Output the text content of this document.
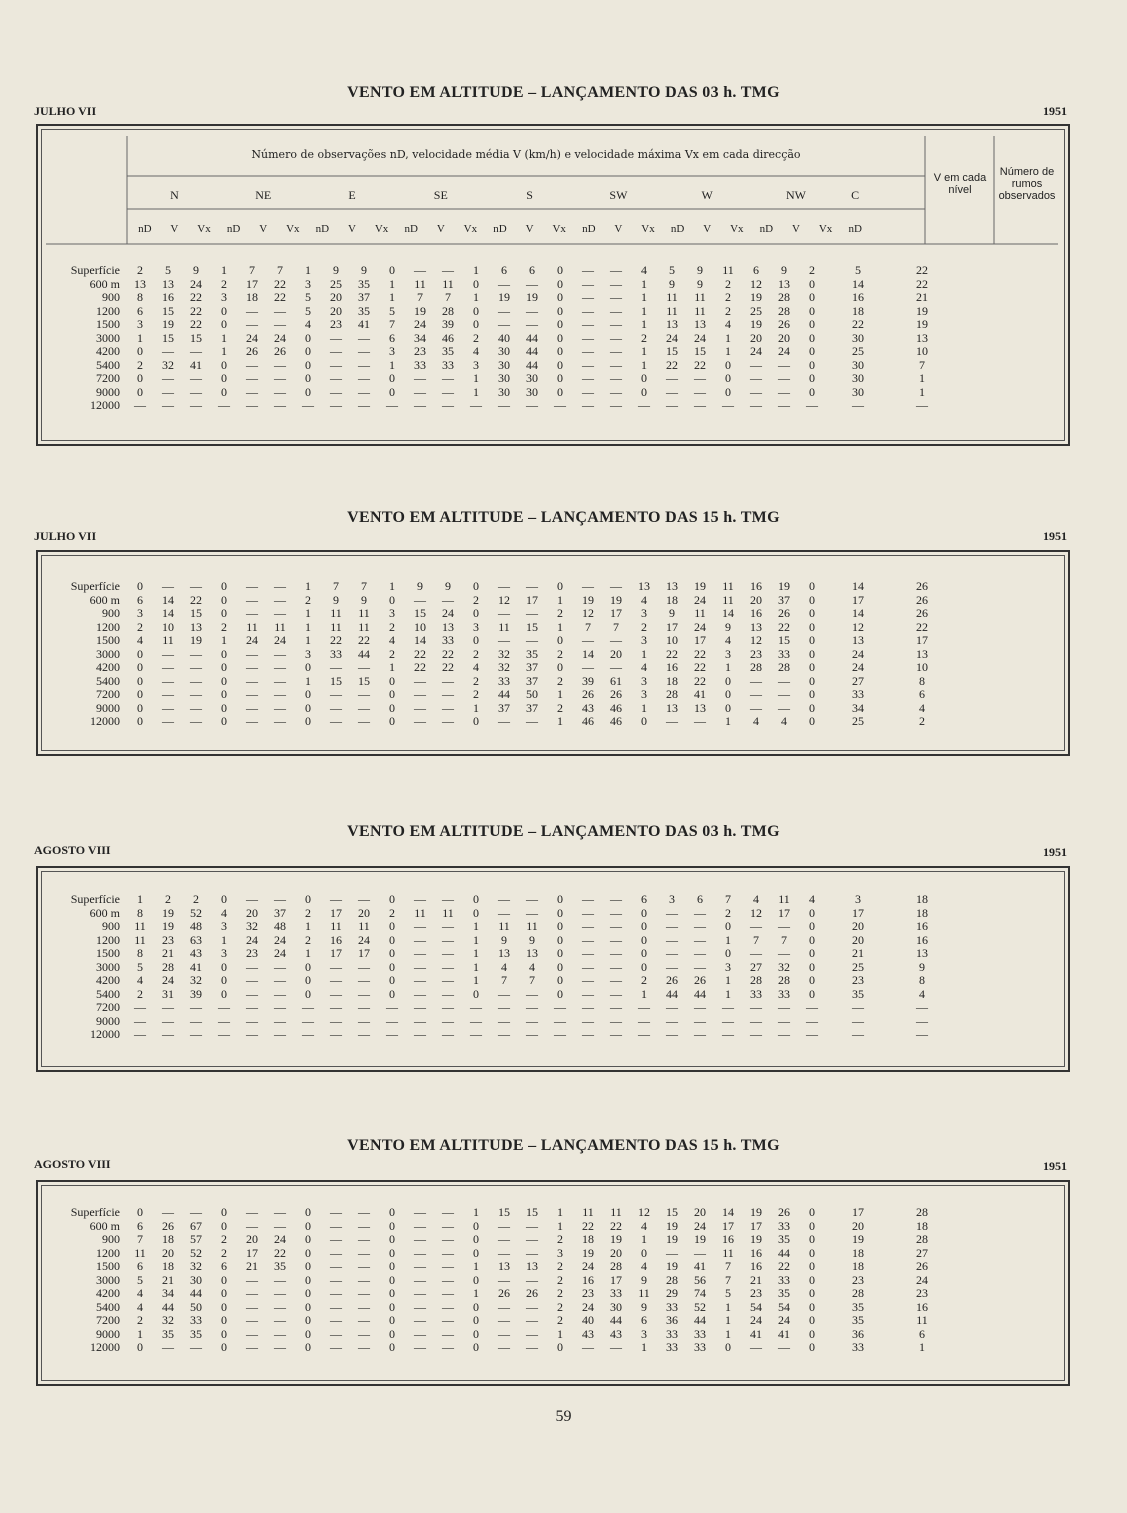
VENTO EM ALTITUDE – LANÇAMENTO DAS 03 h. TMG
JULHO VII	1951
VENTO EM ALTITUDE – LANÇAMENTO DAS 15 h. TMG
JULHO VII	1951
VENTO EM ALTITUDE – LANÇAMENTO DAS 03 h. TMG
AGOSTO VIII	1951
VENTO EM ALTITUDE – LANÇAMENTO DAS 15 h. TMG
AGOSTO VIII	1951
Número de observações nD, velocidade média V (km/h) e velocidade máxima Vx em cada direcção
N	NE	E	SE	S	SW	W	NW	C
nD	V	Vx	nD	V	Vx	nD	V	Vx	nD	V	Vx	nD	V	Vx	nD	V	Vx	nD	V	Vx	nD	V	Vx	nD
V em cada nível
Número de rumos observados
Superfície	2	5	9	1	7	7	1	9	9	0	—	—	1	6	6	0	—	—	4	5	9	11	6	9	2	5	22
600 m	13	13	24	2	17	22	3	25	35	1	11	11	0	—	—	0	—	—	1	9	9	2	12	13	0	14	22
900	8	16	22	3	18	22	5	20	37	1	7	7	1	19	19	0	—	—	1	11	11	2	19	28	0	16	21
1200	6	15	22	0	—	—	5	20	35	5	19	28	0	—	—	0	—	—	1	11	11	2	25	28	0	18	19
1500	3	19	22	0	—	—	4	23	41	7	24	39	0	—	—	0	—	—	1	13	13	4	19	26	0	22	19
3000	1	15	15	1	24	24	0	—	—	6	34	46	2	40	44	0	—	—	2	24	24	1	20	20	0	30	13
4200	0	—	—	1	26	26	0	—	—	3	23	35	4	30	44	0	—	—	1	15	15	1	24	24	0	25	10
5400	2	32	41	0	—	—	0	—	—	1	33	33	3	30	44	0	—	—	1	22	22	0	—	—	0	30	7
7200	0	—	—	0	—	—	0	—	—	0	—	—	1	30	30	0	—	—	0	—	—	0	—	—	0	30	1
9000	0	—	—	0	—	—	0	—	—	0	—	—	1	30	30	0	—	—	0	—	—	0	—	—	0	30	1
12000	—	—	—	—	—	—	—	—	—	—	—	—	—	—	—	—	—	—	—	—	—	—	—	—	—	—	—
Superfície	0	—	—	0	—	—	1	7	7	1	9	9	0	—	—	0	—	—	13	13	19	11	16	19	0	14	26
600 m	6	14	22	0	—	—	2	9	9	0	—	—	2	12	17	1	19	19	4	18	24	11	20	37	0	17	26
900	3	14	15	0	—	—	1	11	11	3	15	24	0	—	—	2	12	17	3	9	11	14	16	26	0	14	26
1200	2	10	13	2	11	11	1	11	11	2	10	13	3	11	15	1	7	7	2	17	24	9	13	22	0	12	22
1500	4	11	19	1	24	24	1	22	22	4	14	33	0	—	—	0	—	—	3	10	17	4	12	15	0	13	17
3000	0	—	—	0	—	—	3	33	44	2	22	22	2	32	35	2	14	20	1	22	22	3	23	33	0	24	13
4200	0	—	—	0	—	—	0	—	—	1	22	22	4	32	37	0	—	—	4	16	22	1	28	28	0	24	10
5400	0	—	—	0	—	—	1	15	15	0	—	—	2	33	37	2	39	61	3	18	22	0	—	—	0	27	8
7200	0	—	—	0	—	—	0	—	—	0	—	—	2	44	50	1	26	26	3	28	41	0	—	—	0	33	6
9000	0	—	—	0	—	—	0	—	—	0	—	—	1	37	37	2	43	46	1	13	13	0	—	—	0	34	4
12000	0	—	—	0	—	—	0	—	—	0	—	—	0	—	—	1	46	46	0	—	—	1	4	4	0	25	2
Superfície	1	2	2	0	—	—	0	—	—	0	—	—	0	—	—	0	—	—	6	3	6	7	4	11	4	3	18
600 m	8	19	52	4	20	37	2	17	20	2	11	11	0	—	—	0	—	—	0	—	—	2	12	17	0	17	18
900	11	19	48	3	32	48	1	11	11	0	—	—	1	11	11	0	—	—	0	—	—	0	—	—	0	20	16
1200	11	23	63	1	24	24	2	16	24	0	—	—	1	9	9	0	—	—	0	—	—	1	7	7	0	20	16
1500	8	21	43	3	23	24	1	17	17	0	—	—	1	13	13	0	—	—	0	—	—	0	—	—	0	21	13
3000	5	28	41	0	—	—	0	—	—	0	—	—	1	4	4	0	—	—	0	—	—	3	27	32	0	25	9
4200	4	24	32	0	—	—	0	—	—	0	—	—	1	7	7	0	—	—	2	26	26	1	28	28	0	23	8
5400	2	31	39	0	—	—	0	—	—	0	—	—	0	—	—	0	—	—	1	44	44	1	33	33	0	35	4
7200	—	—	—	—	—	—	—	—	—	—	—	—	—	—	—	—	—	—	—	—	—	—	—	—	—	—	—
9000	—	—	—	—	—	—	—	—	—	—	—	—	—	—	—	—	—	—	—	—	—	—	—	—	—	—	—
12000	—	—	—	—	—	—	—	—	—	—	—	—	—	—	—	—	—	—	—	—	—	—	—	—	—	—	—
Superfície	0	—	—	0	—	—	0	—	—	0	—	—	1	15	15	1	11	11	12	15	20	14	19	26	0	17	28
600 m	6	26	67	0	—	—	0	—	—	0	—	—	0	—	—	1	22	22	4	19	24	17	17	33	0	20	18
900	7	18	57	2	20	24	0	—	—	0	—	—	0	—	—	2	18	19	1	19	19	16	19	35	0	19	28
1200	11	20	52	2	17	22	0	—	—	0	—	—	0	—	—	3	19	20	0	—	—	11	16	44	0	18	27
1500	6	18	32	6	21	35	0	—	—	0	—	—	1	13	13	2	24	28	4	19	41	7	16	22	0	18	26
3000	5	21	30	0	—	—	0	—	—	0	—	—	0	—	—	2	16	17	9	28	56	7	21	33	0	23	24
4200	4	34	44	0	—	—	0	—	—	0	—	—	1	26	26	2	23	33	11	29	74	5	23	35	0	28	23
5400	4	44	50	0	—	—	0	—	—	0	—	—	0	—	—	2	24	30	9	33	52	1	54	54	0	35	16
7200	2	32	33	0	—	—	0	—	—	0	—	—	0	—	—	2	40	44	6	36	44	1	24	24	0	35	11
9000	1	35	35	0	—	—	0	—	—	0	—	—	0	—	—	1	43	43	3	33	33	1	41	41	0	36	6
12000	0	—	—	0	—	—	0	—	—	0	—	—	0	—	—	0	—	—	1	33	33	0	—	—	0	33	1
59
